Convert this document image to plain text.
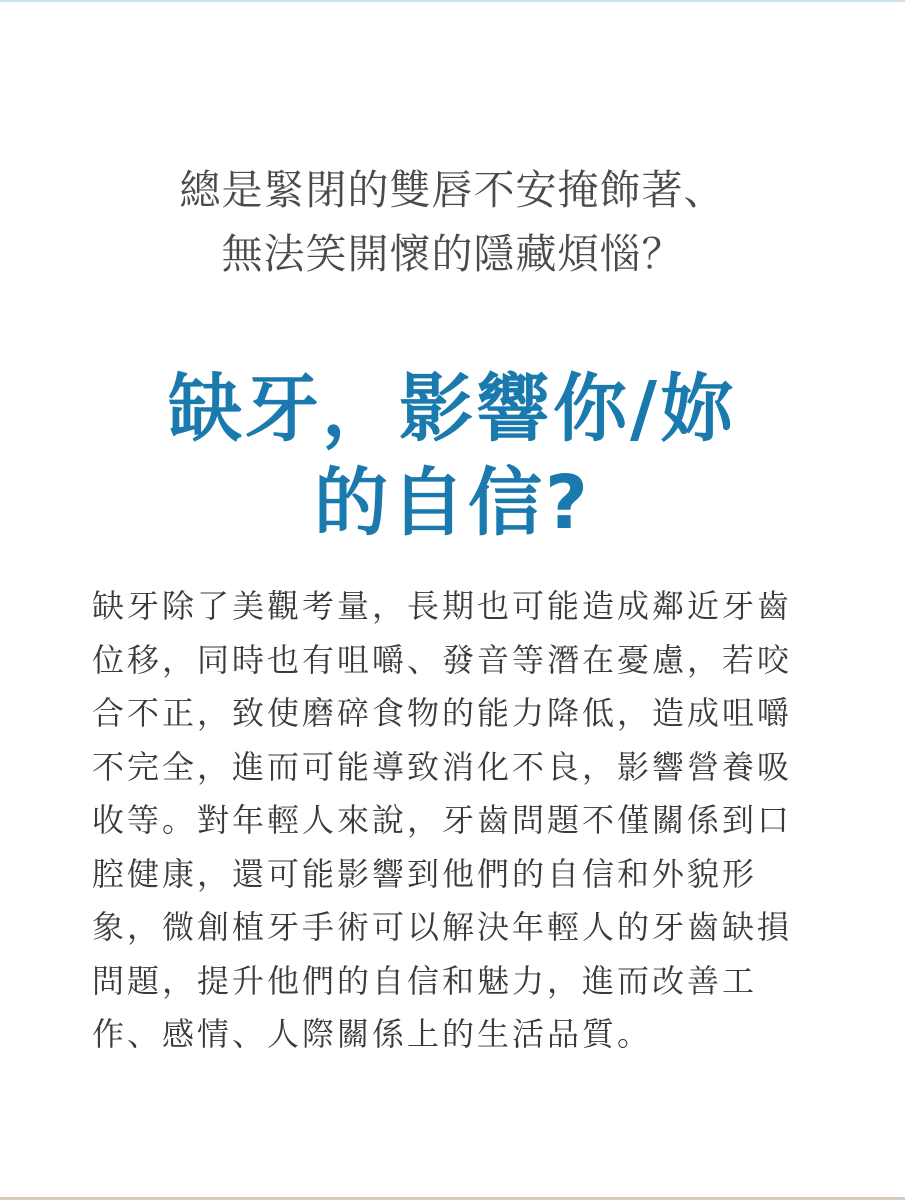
總是緊閉的雙唇不安掩飾著、
無法笑開懷的隱藏煩惱？
缺牙，影響你/妳
的自信?
缺牙除了美觀考量，長期也可能造成鄰近牙齒
位移，同時也有咀嚼、發音等潛在憂慮，若咬
合不正，致使磨碎食物的能力降低，造成咀嚼
不完全，進而可能導致消化不良，影響營養吸
收等。對年輕人來說，牙齒問題不僅關係到口
腔健康，還可能影響到他們的自信和外貌形
象，微創植牙手術可以解決年輕人的牙齒缺損
問題，提升他們的自信和魅力，進而改善工
作、感情、人際關係上的生活品質。
